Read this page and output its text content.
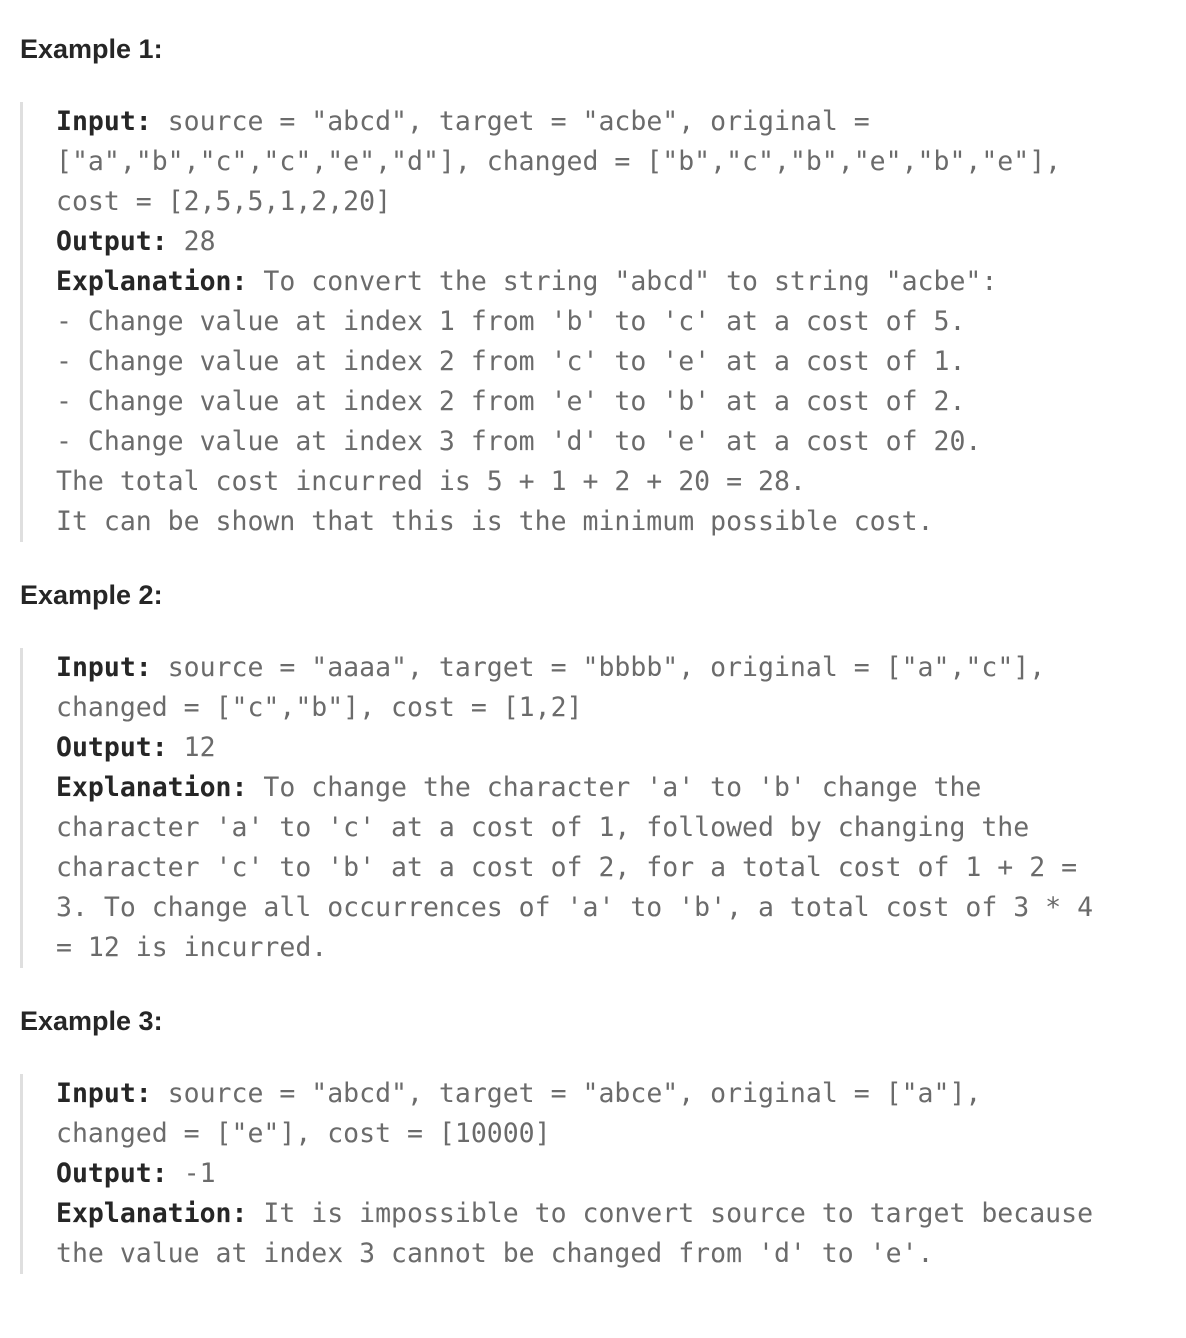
Example 1:
Input: source = "abcd", target = "acbe", original =
["a","b","c","c","e","d"], changed = ["b","c","b","e","b","e"],
cost = [2,5,5,1,2,20]
Output: 28
Explanation: To convert the string "abcd" to string "acbe":
- Change value at index 1 from 'b' to 'c' at a cost of 5.
- Change value at index 2 from 'c' to 'e' at a cost of 1.
- Change value at index 2 from 'e' to 'b' at a cost of 2.
- Change value at index 3 from 'd' to 'e' at a cost of 20.
The total cost incurred is 5 + 1 + 2 + 20 = 28.
It can be shown that this is the minimum possible cost.
Example 2:
Input: source = "aaaa", target = "bbbb", original = ["a","c"],
changed = ["c","b"], cost = [1,2]
Output: 12
Explanation: To change the character 'a' to 'b' change the
character 'a' to 'c' at a cost of 1, followed by changing the
character 'c' to 'b' at a cost of 2, for a total cost of 1 + 2 =
3. To change all occurrences of 'a' to 'b', a total cost of 3 * 4
= 12 is incurred.
Example 3:
Input: source = "abcd", target = "abce", original = ["a"],
changed = ["e"], cost = [10000]
Output: -1
Explanation: It is impossible to convert source to target because
the value at index 3 cannot be changed from 'd' to 'e'.
